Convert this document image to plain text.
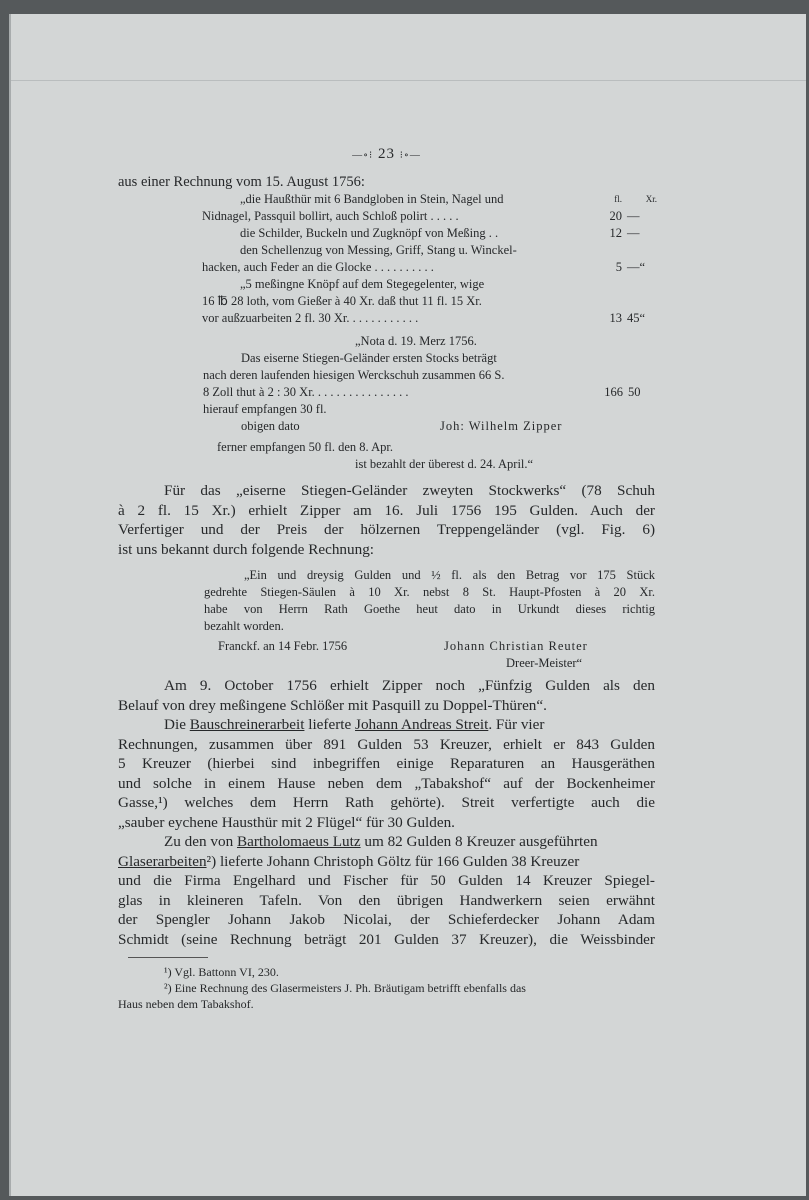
—∘⁝ 23 ⁝∘—
aus einer Rechnung vom 15. August 1756:
fl.	Xr.
„die Haußthür mit 6 Bandgloben in Stein, Nagel und
Nidnagel, Passquil bollirt, auch Schloß polirt . . . . .	20 —
die Schilder, Buckeln und Zugknöpf von Meßing . .	12 —
den Schellenzug von Messing, Griff, Stang u. Winckel-
hacken, auch Feder an die Glocke . . . . . . . . . .	5 —“
„5 meßingne Knöpf auf dem Stegegelenter, wige
16 ℔ 28 loth, vom Gießer à 40 Xr. daß thut 11 fl. 15 Xr.
vor außzuarbeiten 2 fl. 30 Xr. . . . . . . . . . . .	13 45“
„Nota d. 19. Merz 1756.
Das eiserne Stiegen-Geländer ersten Stocks beträgt
nach deren laufenden hiesigen Werckschuh zusammen 66 S.
8 Zoll thut à 2 : 30 Xr. . . . . . . . . . . . . . . .	166 50
hierauf empfangen 30 fl.
obigen dato	Joh: Wilhelm Zipper
ferner empfangen 50 fl. den 8. Apr.
ist bezahlt der überest d. 24. April.“
Für das „eiserne Stiegen-Geländer zweyten Stockwerks“ (78 Schuh
à 2 fl. 15 Xr.) erhielt Zipper am 16. Juli 1756 195 Gulden. Auch der
Verfertiger und der Preis der hölzernen Treppengeländer (vgl. Fig. 6)
ist uns bekannt durch folgende Rechnung:
„Ein und dreysig Gulden und ½ fl. als den Betrag vor 175 Stück
gedrehte Stiegen-Säulen à 10 Xr. nebst 8 St. Haupt-Pfosten à 20 Xr.
habe von Herrn Rath Goethe heut dato in Urkundt dieses richtig
bezahlt worden.
Franckf. an 14 Febr. 1756	Johann Christian Reuter
Dreer-Meister“
Am 9. October 1756 erhielt Zipper noch „Fünfzig Gulden als den
Belauf von drey meßingene Schlößer mit Pasquill zu Doppel-Thüren“.
Die Bauschreinerarbeit lieferte Johann Andreas Streit. Für vier
Rechnungen, zusammen über 891 Gulden 53 Kreuzer, erhielt er 843 Gulden
5 Kreuzer (hierbei sind inbegriffen einige Reparaturen an Hausgeräthen
und solche in einem Hause neben dem „Tabakshof“ auf der Bockenheimer
Gasse,¹) welches dem Herrn Rath gehörte). Streit verfertigte auch die
„sauber eychene Hausthür mit 2 Flügel“ für 30 Gulden.
Zu den von Bartholomaeus Lutz um 82 Gulden 8 Kreuzer ausgeführten
Glaserarbeiten²) lieferte Johann Christoph Göltz für 166 Gulden 38 Kreuzer
und die Firma Engelhard und Fischer für 50 Gulden 14 Kreuzer Spiegel-
glas in kleineren Tafeln. Von den übrigen Handwerkern seien erwähnt
der Spengler Johann Jakob Nicolai, der Schieferdecker Johann Adam
Schmidt (seine Rechnung beträgt 201 Gulden 37 Kreuzer), die Weissbinder
¹) Vgl. Battonn VI, 230.
²) Eine Rechnung des Glasermeisters J. Ph. Bräutigam betrifft ebenfalls das
Haus neben dem Tabakshof.
